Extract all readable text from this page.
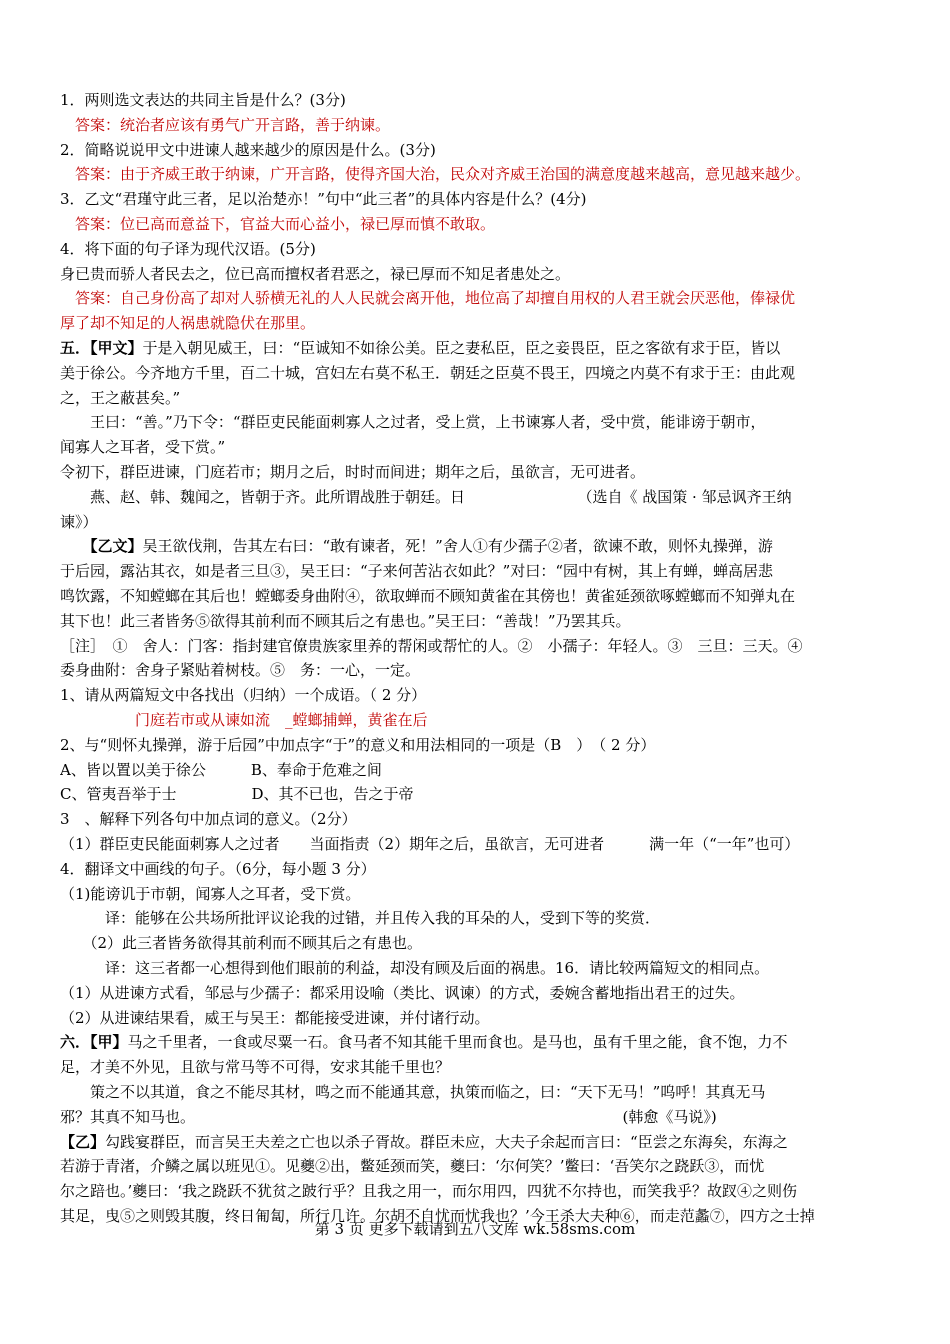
1．两则选文表达的共同主旨是什么？(3分)
　答案：统治者应该有勇气广开言路，善于纳谏。
2．简略说说甲文中进谏人越来越少的原因是什么。(3分)
　答案：由于齐威王敢于纳谏，广开言路，使得齐国大治，民众对齐威王治国的满意度越来越高，意见越来越少。
3．乙文“君瑾守此三者，足以治楚亦！”句中“此三者”的具体内容是什么？(4分)
　答案：位已高而意益下，官益大而心益小，禄已厚而慎不敢取。
4．将下面的句子译为现代汉语。(5分)
身已贵而骄人者民去之，位已高而擅权者君恶之，禄已厚而不知足者患处之。
　答案：自己身份高了却对人骄横无礼的人人民就会离开他，地位高了却擅自用权的人君王就会厌恶他，俸禄优
厚了却不知足的人祸患就隐伏在那里。
五．【甲文】于是入朝见威王，曰：“臣诚知不如徐公美。臣之妻私臣，臣之妾畏臣，臣之客欲有求于臣，皆以
美于徐公。今齐地方千里，百二十城，宫妇左右莫不私王．朝廷之臣莫不畏王，四境之内莫不有求于王：由此观
之，王之蔽甚矣。”
　　王曰：“善。”乃下令：“群臣吏民能面刺寡人之过者，受上赏，上书谏寡人者，受中赏，能诽谤于朝市，
闻寡人之耳者，受下赏。”
令初下，群臣进谏，门庭若市；期月之后，时时而间进；期年之后，虽欲言，无可进者。
　　燕、赵、韩、魏闻之，皆朝于齐。此所谓战胜于朝廷。日　　　　　　　　（选自《 战国策 · 邹忌讽齐王纳
谏》）
　　【乙文】吴王欲伐荆，告其左右曰：“敢有谏者，死！”舍人①有少孺子②者，欲谏不敢，则怀丸操弹，游
于后园，露沾其衣，如是者三旦③，吴王曰：“子来何苦沾衣如此？”对曰：“园中有树，其上有蝉，蝉高居悲
鸣饮露，不知螳螂在其后也！螳螂委身曲附④，欲取蝉而不顾知黄雀在其傍也！黄雀延颈欲啄螳螂而不知弹丸在
其下也！此三者皆务⑤欲得其前利而不顾其后之有患也。”吴王曰：“善哉！”乃罢其兵。
［注］　①　舍人：门客：指封建官僚贵族家里养的帮闲或帮忙的人。②　小孺子：年轻人。③　三旦：三天。④
委身曲附：舍身子紧贴着树枝。⑤　务：一心，一定。
1、请从两篇短文中各找出（归纳）一个成语。（ 2 分）
　　　　　门庭若市或从谏如流　_螳螂捕蝉，黄雀在后
2、与“则怀丸操弹，游于后园”中加点字“于”的意义和用法相同的一项是（B　）　（ 2 分）
A、皆以置以美于徐公　　　B、奉命于危难之间
C、管夷吾举于士　　　　　D、其不已也，告之于帝
3　、解释下列各句中加点词的意义。（2分）
（1）群臣吏民能面刺寡人之过者　　当面指责（2）期年之后，虽欲言，无可进者　　　满一年（“一年”也可）
4．翻译文中画线的句子。（6分，每小题 3 分）
（1)能谤讥于市朝，闻寡人之耳者，受下赏。
　　　译：能够在公共场所批评议论我的过错，并且传入我的耳朵的人，受到下等的奖赏．
　　（2）此三者皆务欲得其前利而不顾其后之有患也。
　　　译：这三者都一心想得到他们眼前的利益，却没有顾及后面的祸患。16．请比较两篇短文的相同点。
（1）从进谏方式看，邹忌与少孺子：都采用设喻（类比、讽谏）的方式，委婉含蓄地指出君王的过失。
（2）从进谏结果看，威王与吴王：都能接受进谏，并付诸行动。
六．【甲】马之千里者，一食或尽粟一石。食马者不知其能千里而食也。是马也，虽有千里之能，食不饱，力不
足，才美不外见，且欲与常马等不可得，安求其能千里也？
　　策之不以其道，食之不能尽其材，鸣之而不能通其意，执策而临之，曰：“天下无马！”呜呼！其真无马
邪？其真不知马也。　　　　　　　　　　　　　　　　　　　　　　　　　　　　　(韩愈《马说》)
【乙】勾践宴群臣，而言吴王夫差之亡也以杀子胥故。群臣未应，大夫子余起而言曰：“臣尝之东海矣，东海之
若游于青渚，介鳞之属以班见①。见夔②出，鳖延颈而笑，夔曰：‘尔何笑？’鳖曰：‘吾笑尔之跷跃③，而忧
尔之踣也。’夔曰：‘我之跷跃不犹贫之跛行乎？且我之用一，而尔用四，四犹不尔持也，而笑我乎？故䟕④之则伤
其足，曳⑤之则毁其腹，终日匍匐，所行几许。尔胡不自忧而忧我也？’今王杀大夫种⑥，而走范蠡⑦，四方之士掉
第 3 页 更多下载请到五八文库 wk.58sms.com
